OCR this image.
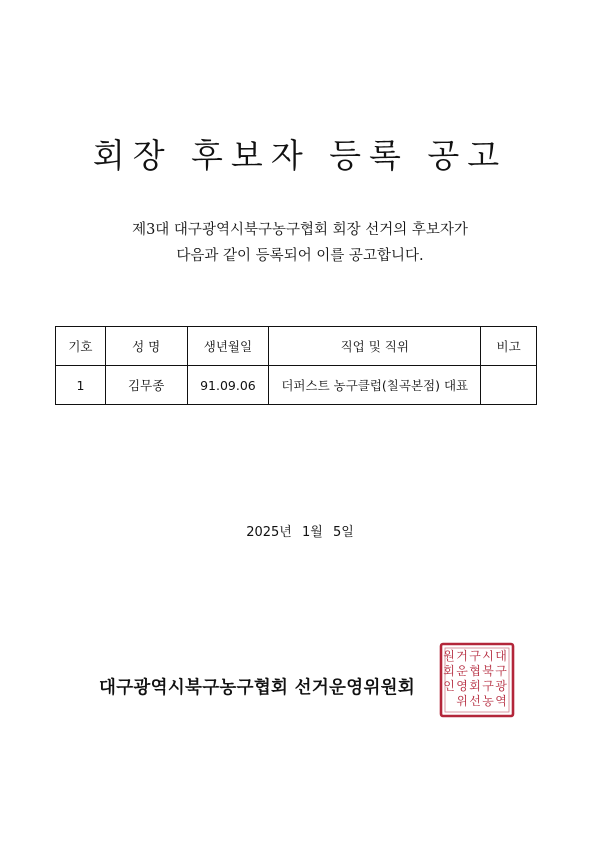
회장 후보자 등록 공고
제3대 대구광역시북구농구협회 회장 선거의 후보자가
다음과 같이 등록되어 이를 공고합니다.
기호	성 명	생년월일	직업 및 직위	비고
1	김무종	91.09.06	더퍼스트 농구클럽(칠곡본점) 대표	
2025년 1월 5일
대구광역시북구농구협회 선거운영위원회
대
구
광
역
시
북
구
농
구
협
회
선
거
운
영
위
원
회
인
